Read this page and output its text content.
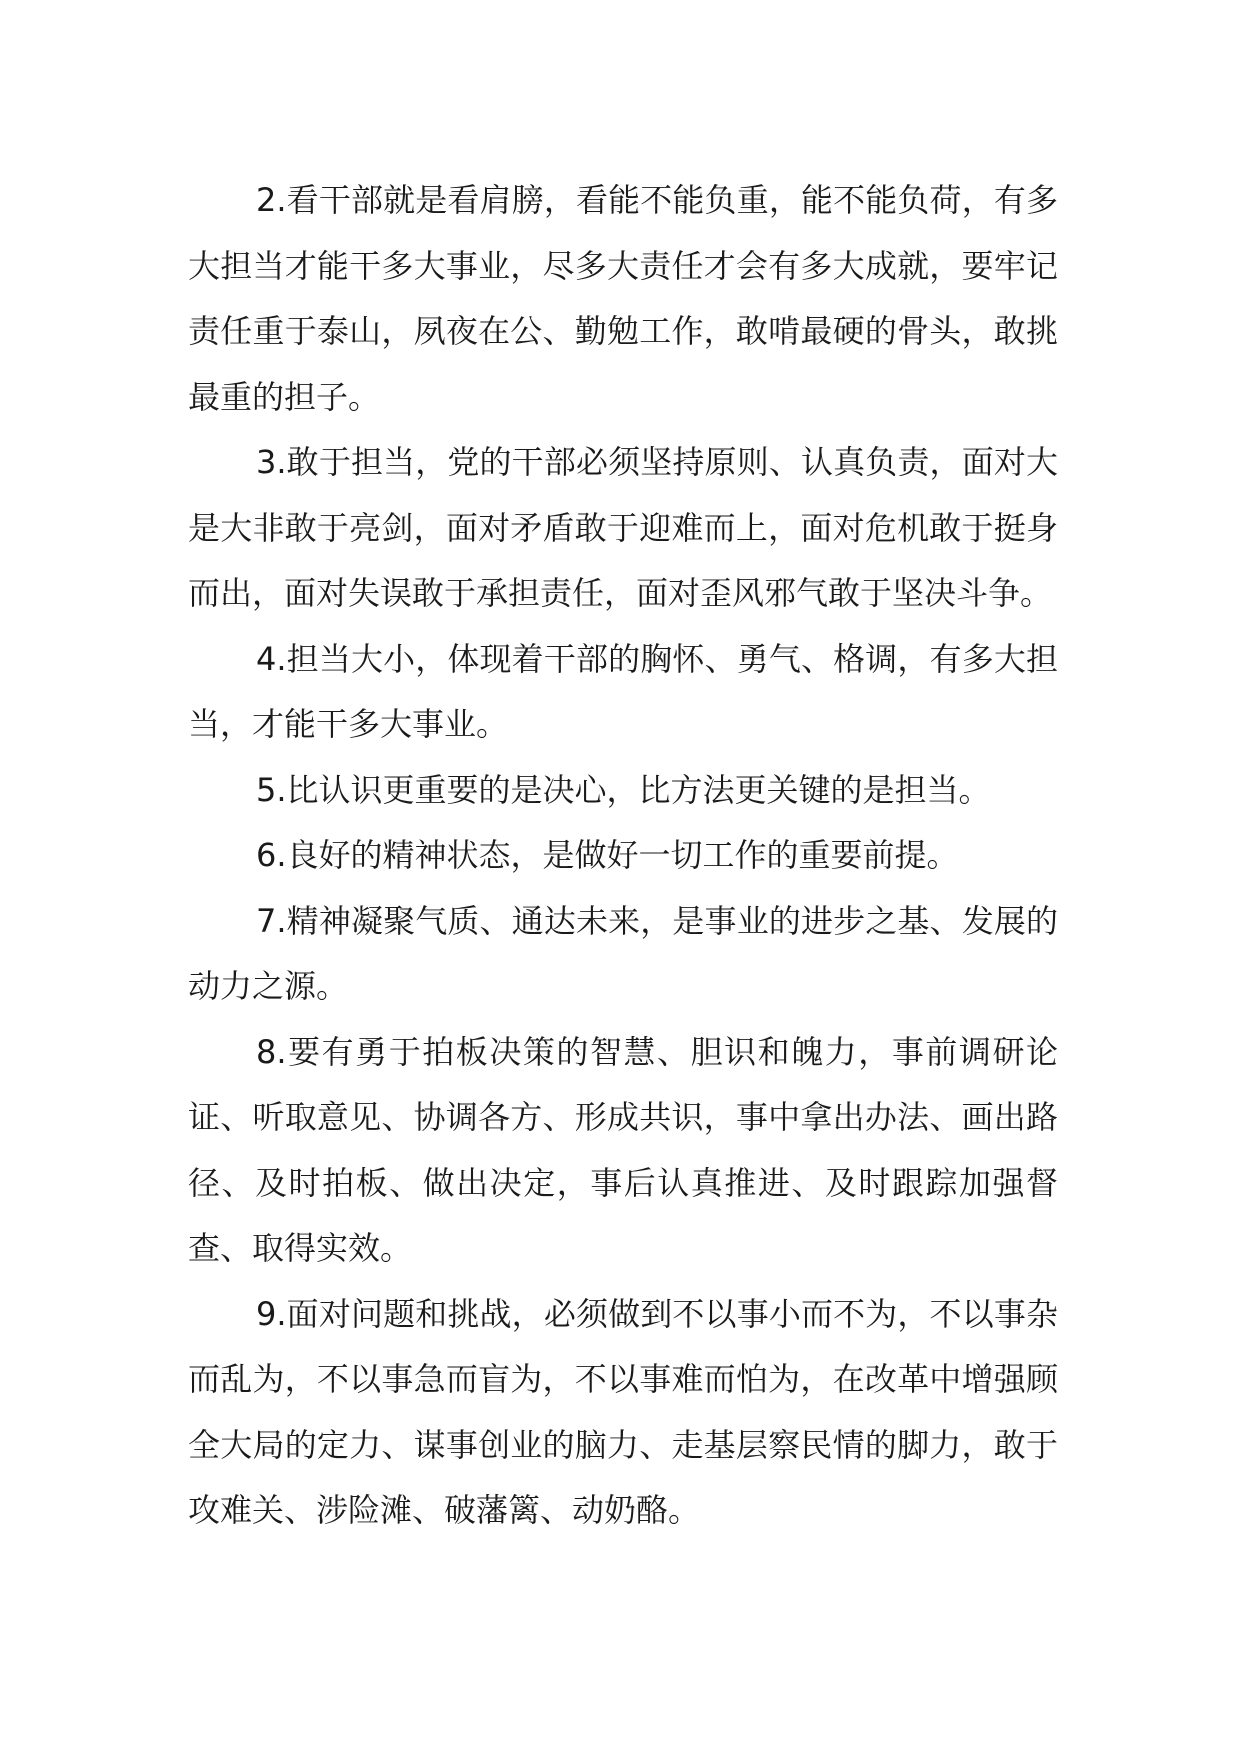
2.看干部就是看肩膀，看能不能负重，能不能负荷，有多大担当才能干多大事业，尽多大责任才会有多大成就，要牢记责任重于泰山，夙夜在公、勤勉工作，敢啃最硬的骨头，敢挑最重的担子。

3.敢于担当，党的干部必须坚持原则、认真负责，面对大是大非敢于亮剑，面对矛盾敢于迎难而上，面对危机敢于挺身而出，面对失误敢于承担责任，面对歪风邪气敢于坚决斗争。

4.担当大小，体现着干部的胸怀、勇气、格调，有多大担当，才能干多大事业。

5.比认识更重要的是决心，比方法更关键的是担当。

6.良好的精神状态，是做好一切工作的重要前提。

7.精神凝聚气质、通达未来，是事业的进步之基、发展的动力之源。

8.要有勇于拍板决策的智慧、胆识和魄力，事前调研论证、听取意见、协调各方、形成共识，事中拿出办法、画出路径、及时拍板、做出决定，事后认真推进、及时跟踪加强督查、取得实效。

9.面对问题和挑战，必须做到不以事小而不为，不以事杂而乱为，不以事急而盲为，不以事难而怕为，在改革中增强顾全大局的定力、谋事创业的脑力、走基层察民情的脚力，敢于攻难关、涉险滩、破藩篱、动奶酪。
